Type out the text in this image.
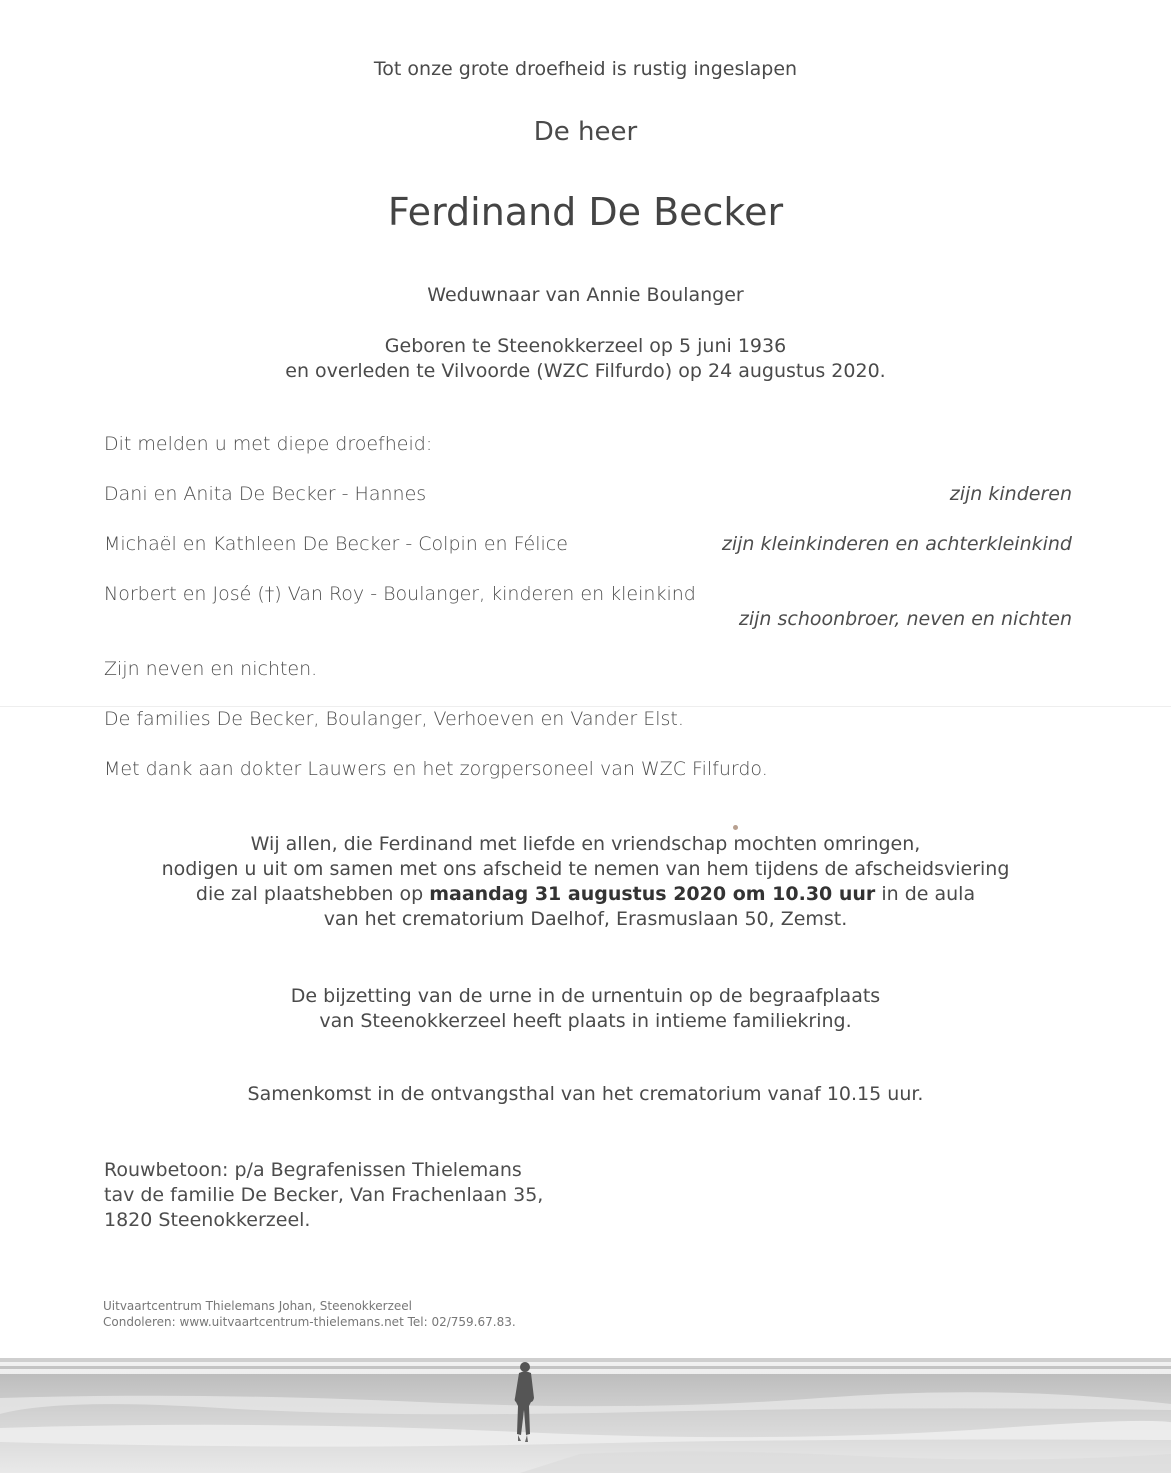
Tot onze grote droefheid is rustig ingeslapen
De heer
Ferdinand De Becker
Weduwnaar van Annie Boulanger
Geboren te Steenokkerzeel op 5 juni 1936
en overleden te Vilvoorde (WZC Filfurdo) op 24 augustus 2020.
Dit melden u met diepe droefheid:
Dani en Anita De Becker - Hannes	zijn kinderen
Michaël en Kathleen De Becker - Colpin en Félice	zijn kleinkinderen en achterkleinkind
Norbert en José (†) Van Roy - Boulanger, kinderen en kleinkind
zijn schoonbroer, neven en nichten
Zijn neven en nichten.
De families De Becker, Boulanger, Verhoeven en Vander Elst.
Met dank aan dokter Lauwers en het zorgpersoneel van WZC Filfurdo.
Wij allen, die Ferdinand met liefde en vriendschap mochten omringen,
nodigen u uit om samen met ons afscheid te nemen van hem tijdens de afscheidsviering
die zal plaatshebben op maandag 31 augustus 2020 om 10.30 uur in de aula
van het crematorium Daelhof, Erasmuslaan 50, Zemst.
De bijzetting van de urne in de urnentuin op de begraafplaats
van Steenokkerzeel heeft plaats in intieme familiekring.
Samenkomst in de ontvangsthal van het crematorium vanaf 10.15 uur.
Rouwbetoon: p/a Begrafenissen Thielemans
tav de familie De Becker, Van Frachenlaan 35,
1820 Steenokkerzeel.
Uitvaartcentrum Thielemans Johan, Steenokkerzeel
Condoleren: www.uitvaartcentrum-thielemans.net Tel: 02/759.67.83.
